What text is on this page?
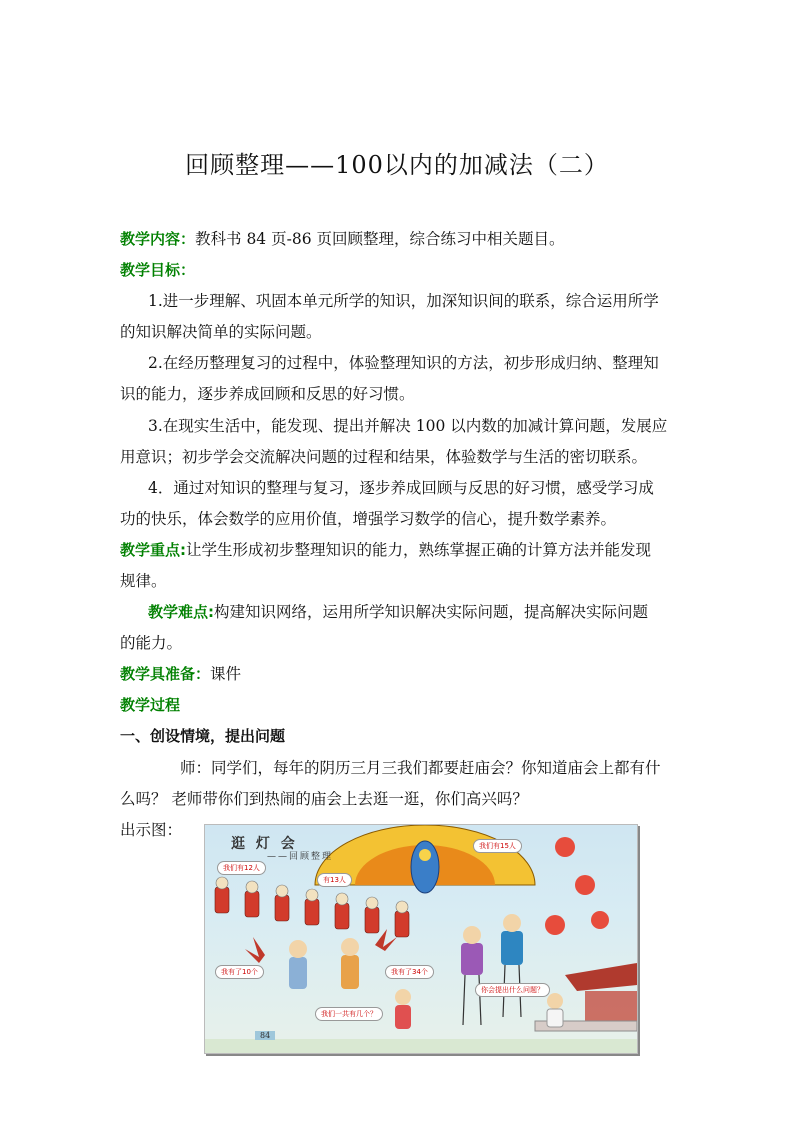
回顾整理——100以内的加减法（二）
教学内容：教科书 84 页-86 页回顾整理，综合练习中相关题目。
教学目标：
1.进一步理解、巩固本单元所学的知识，加深知识间的联系，综合运用所学
的知识解决简单的实际问题。
2.在经历整理复习的过程中，体验整理知识的方法，初步形成归纳、整理知
识的能力，逐步养成回顾和反思的好习惯。
3.在现实生活中，能发现、提出并解决 100 以内数的加减计算问题，发展应
用意识；初步学会交流解决问题的过程和结果，体验数学与生活的密切联系。
4．通过对知识的整理与复习，逐步养成回顾与反思的好习惯，感受学习成
功的快乐，体会数学的应用价值，增强学习数学的信心，提升数学素养。
教学重点:让学生形成初步整理知识的能力，熟练掌握正确的计算方法并能发现
规律。
教学难点:构建知识网络，运用所学知识解决实际问题，提高解决实际问题
的能力。
教学具准备：课件
教学过程
一、创设情境，提出问题
师：同学们，每年的阴历三月三我们都要赶庙会？你知道庙会上都有什
么吗？ 老师带你们到热闹的庙会上去逛一逛，你们高兴吗？
出示图：
逛 灯 会
——回顾整理
我们有12人
我们有15人
有13人
我有了10个	我有了34个
你会提出什么问题？
我们一共有几个？
84
